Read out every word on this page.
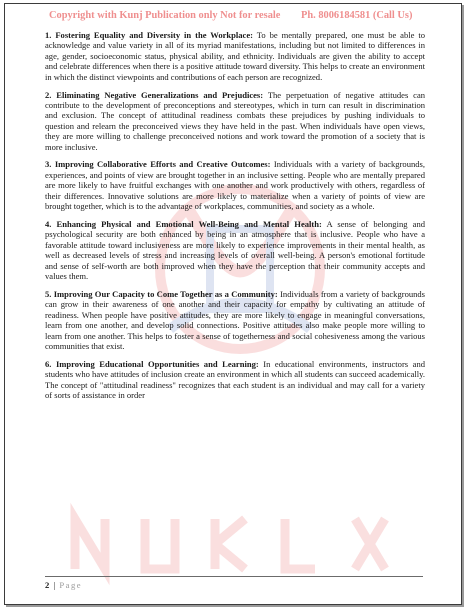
Copyright with Kunj Publication only Not for resale Ph. 8006184581 (Call Us)

1. Fostering Equality and Diversity in the Workplace: To be mentally prepared, one must be able to acknowledge and value variety in all of its myriad manifestations, including but not limited to differences in age, gender, socioeconomic status, physical ability, and ethnicity. Individuals are given the ability to accept and celebrate differences when there is a positive attitude toward diversity. This helps to create an environment in which the distinct viewpoints and contributions of each person are recognized.

2. Eliminating Negative Generalizations and Prejudices: The perpetuation of negative attitudes can contribute to the development of preconceptions and stereotypes, which in turn can result in discrimination and exclusion. The concept of attitudinal readiness combats these prejudices by pushing individuals to question and relearn the preconceived views they have held in the past. When individuals have open views, they are more willing to challenge preconceived notions and work toward the promotion of a society that is more inclusive.

3. Improving Collaborative Efforts and Creative Outcomes: Individuals with a variety of backgrounds, experiences, and points of view are brought together in an inclusive setting. People who are mentally prepared are more likely to have fruitful exchanges with one another and work productively with others, regardless of their differences. Innovative solutions are more likely to materialize when a variety of points of view are brought together, which is to the advantage of workplaces, communities, and society as a whole.

4. Enhancing Physical and Emotional Well-Being and Mental Health: A sense of belonging and psychological security are both enhanced by being in an atmosphere that is inclusive. People who have a favorable attitude toward inclusiveness are more likely to experience improvements in their mental health, as well as decreased levels of stress and increasing levels of overall well-being. A person's emotional fortitude and sense of self-worth are both improved when they have the perception that their community accepts and values them.

5. Improving Our Capacity to Come Together as a Community: Individuals from a variety of backgrounds can grow in their awareness of one another and their capacity for empathy by cultivating an attitude of readiness. When people have positive attitudes, they are more likely to engage in meaningful conversations, learn from one another, and develop solid connections. Positive attitudes also make people more willing to learn from one another. This helps to foster a sense of togetherness and social cohesiveness among the various communities that exist.

6. Improving Educational Opportunities and Learning: In educational environments, instructors and students who have attitudes of inclusion create an environment in which all students can succeed academically. The concept of "attitudinal readiness" recognizes that each student is an individual and may call for a variety of sorts of assistance in order

2 | Page
